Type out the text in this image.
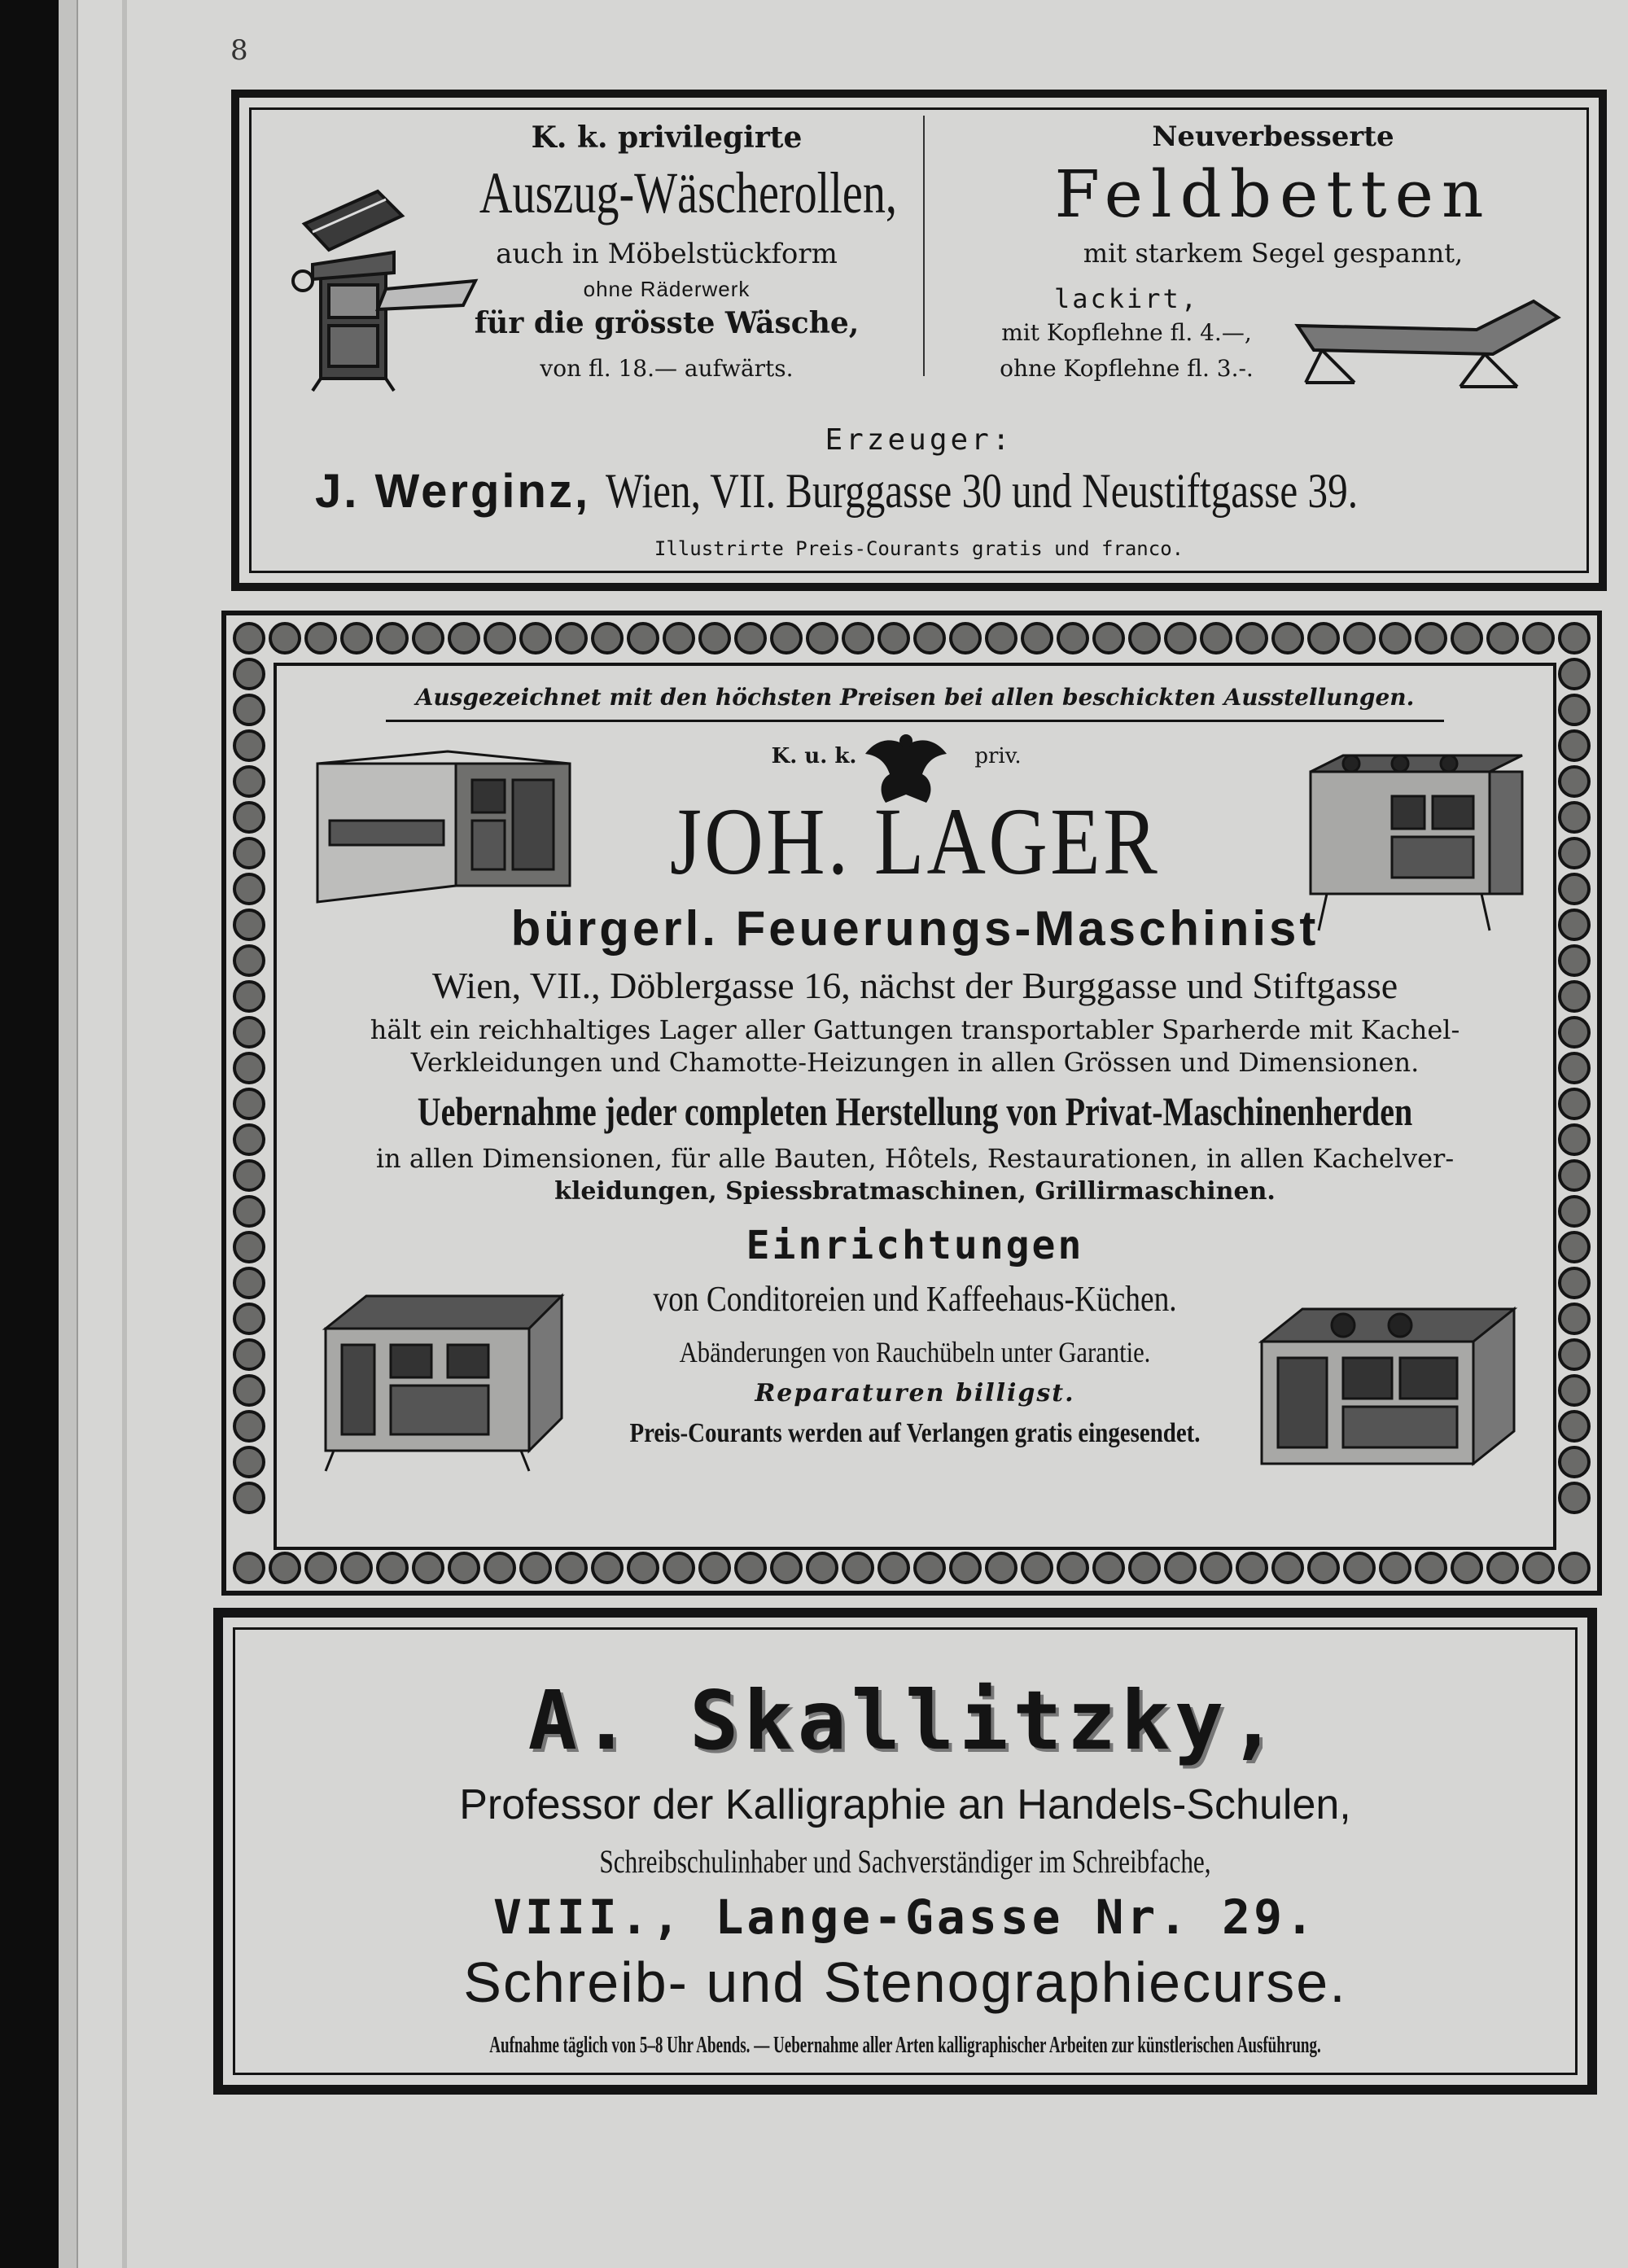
8
K. k. privilegirte
Auszug-Wäscherollen,
auch in Möbelstückform
ohne Räderwerk
für die grösste Wäsche,
von fl. 18.— aufwärts.
Neuverbesserte
Feldbetten
mit starkem Segel gespannt,
lackirt,
mit Kopflehne fl. 4.—,
ohne Kopflehne fl. 3.-.
Erzeuger:
J. Werginz, Wien, VII. Burggasse 30 und Neustiftgasse 39.
Illustrirte Preis-Courants gratis und franco.
Ausgezeichnet mit den höchsten Preisen bei allen beschickten Ausstellungen.
K. u. k.	priv.
JOH. LAGER
bürgerl. Feuerungs-Maschinist
Wien, VII., Döblergasse 16, nächst der Burggasse und Stiftgasse
hält ein reichhaltiges Lager aller Gattungen transportabler Sparherde mit Kachel-
Verkleidungen und Chamotte-Heizungen in allen Grössen und Dimensionen.
Uebernahme jeder completen Herstellung von Privat-Maschinenherden
in allen Dimensionen, für alle Bauten, Hôtels, Restaurationen, in allen Kachelver-
kleidungen, Spiessbratmaschinen, Grillirmaschinen.
Einrichtungen
von Conditoreien und Kaffeehaus-Küchen.
Abänderungen von Rauchübeln unter Garantie.
Reparaturen billigst.
Preis-Courants werden auf Verlangen gratis eingesendet.
A. Skallitzky,
Professor der Kalligraphie an Handels-Schulen,
Schreibschulinhaber und Sachverständiger im Schreibfache,
VIII., Lange-Gasse Nr. 29.
Schreib- und Stenographiecurse.
Aufnahme täglich von 5–8 Uhr Abends. — Uebernahme aller Arten kalligraphischer Arbeiten zur künstlerischen Ausführung.
